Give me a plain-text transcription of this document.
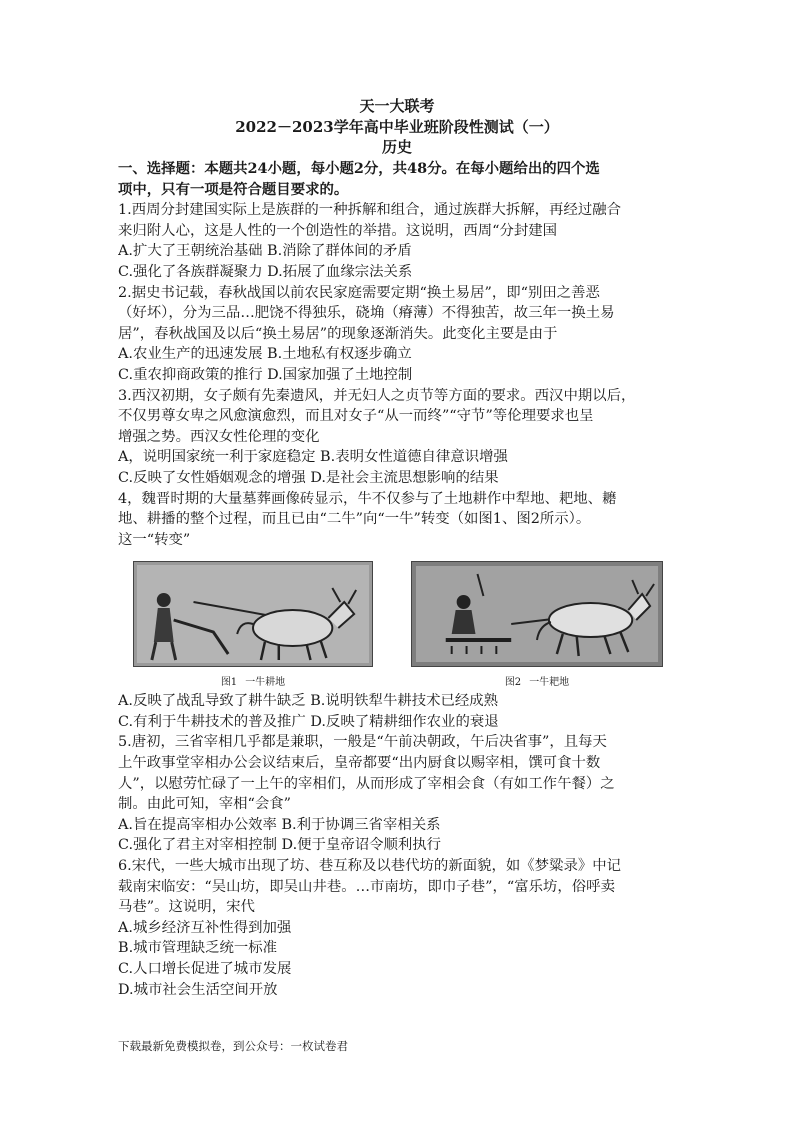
天一大联考
2022－2023学年高中毕业班阶段性测试（一）
历史

一、选择题：本题共24小题，每小题2分，共48分。在每小题给出的四个选

项中，只有一项是符合题目要求的。

1.西周分封建国实际上是族群的一种拆解和组合，通过族群大拆解，再经过融合

来归附人心，这是人性的一个创造性的举措。这说明，西周“分封建国

A.扩大了王朝统治基础 B.消除了群体间的矛盾

C.强化了各族群凝聚力 D.拓展了血缘宗法关系

2.据史书记载，春秋战国以前农民家庭需要定期“换土易居”，即“别田之善恶

（好坏），分为三品…肥饶不得独乐，硗埆（瘠薄）不得独苦，故三年一换土易

居”，春秋战国及以后“换土易居”的现象逐渐消失。此变化主要是由于

A.农业生产的迅速发展 B.土地私有权逐步确立

C.重农抑商政策的推行 D.国家加强了土地控制

3.西汉初期，女子颇有先秦遗风，并无妇人之贞节等方面的要求。西汉中期以后，

不仅男尊女卑之风愈演愈烈，而且对女子“从一而终”“守节”等伦理要求也呈

增强之势。西汉女性伦理的变化

A，说明国家统一利于家庭稳定 B.表明女性道德自律意识增强

C.反映了女性婚姻观念的增强 D.是社会主流思想影响的结果

4，魏晋时期的大量墓葬画像砖显示，牛不仅参与了土地耕作中犁地、耙地、耱

地、耕播的整个过程，而且已由“二牛”向“一牛”转变（如图1、图2所示）。

这一“转变”

图1 一牛耕地	图2 一牛耙地

A.反映了战乱导致了耕牛缺乏 B.说明铁犁牛耕技术已经成熟

C.有利于牛耕技术的普及推广 D.反映了精耕细作农业的衰退

5.唐初，三省宰相几乎都是兼职，一般是“午前决朝政，午后决省事”，且每天

上午政事堂宰相办公会议结束后，皇帝都要“出内厨食以赐宰相，馔可食十数

人”，以慰劳忙碌了一上午的宰相们，从而形成了宰相会食（有如工作午餐）之

制。由此可知，宰相“会食”

A.旨在提高宰相办公效率 B.利于协调三省宰相关系

C.强化了君主对宰相控制 D.便于皇帝诏令顺利执行

6.宋代，一些大城市出现了坊、巷互称及以巷代坊的新面貌，如《梦粱录》中记

载南宋临安：“吴山坊，即吴山井巷。…市南坊，即巾子巷”，“富乐坊，俗呼卖

马巷”。这说明，宋代

A.城乡经济互补性得到加强

B.城市管理缺乏统一标准

C.人口增长促进了城市发展

D.城市社会生活空间开放

下载最新免费模拟卷，到公众号：一枚试卷君
